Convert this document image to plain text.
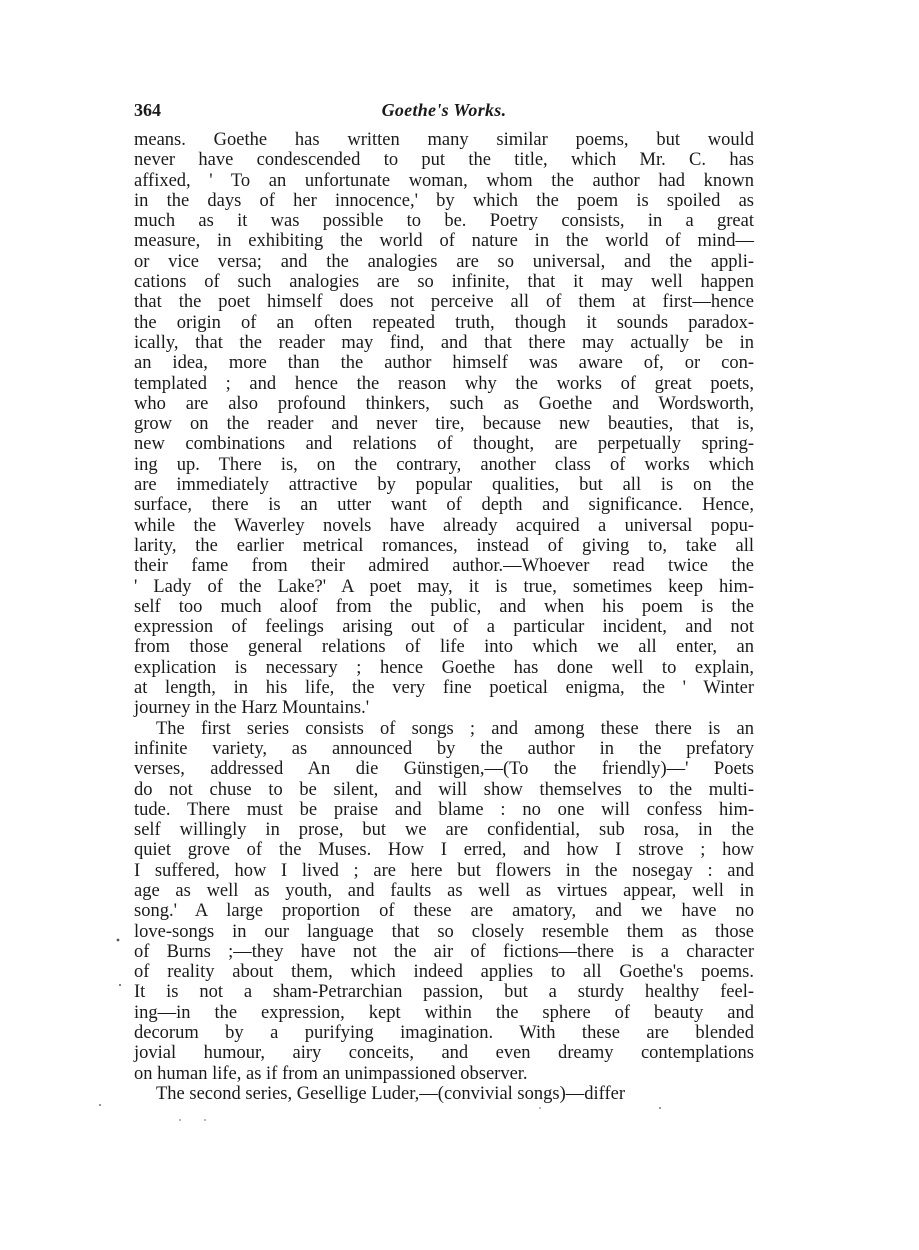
364	Goethe's Works.
means. Goethe has written many similar poems, but would
never have condescended to put the title, which Mr. C. has
affixed, ' To an unfortunate woman, whom the author had known
in the days of her innocence,' by which the poem is spoiled as
much as it was possible to be. Poetry consists, in a great
measure, in exhibiting the world of nature in the world of mind—
or vice versa; and the analogies are so universal, and the appli-
cations of such analogies are so infinite, that it may well happen
that the poet himself does not perceive all of them at first—hence
the origin of an often repeated truth, though it sounds paradox-
ically, that the reader may find, and that there may actually be in
an idea, more than the author himself was aware of, or con-
templated ; and hence the reason why the works of great poets,
who are also profound thinkers, such as Goethe and Wordsworth,
grow on the reader and never tire, because new beauties, that is,
new combinations and relations of thought, are perpetually spring-
ing up. There is, on the contrary, another class of works which
are immediately attractive by popular qualities, but all is on the
surface, there is an utter want of depth and significance. Hence,
while the Waverley novels have already acquired a universal popu-
larity, the earlier metrical romances, instead of giving to, take all
their fame from their admired author.—Whoever read twice the
' Lady of the Lake?' A poet may, it is true, sometimes keep him-
self too much aloof from the public, and when his poem is the
expression of feelings arising out of a particular incident, and not
from those general relations of life into which we all enter, an
explication is necessary ; hence Goethe has done well to explain,
at length, in his life, the very fine poetical enigma, the ' Winter
journey in the Harz Mountains.'
The first series consists of songs ; and among these there is an
infinite variety, as announced by the author in the prefatory
verses, addressed An die Günstigen,—(To the friendly)—' Poets
do not chuse to be silent, and will show themselves to the multi-
tude. There must be praise and blame : no one will confess him-
self willingly in prose, but we are confidential, sub rosa, in the
quiet grove of the Muses. How I erred, and how I strove ; how
I suffered, how I lived ; are here but flowers in the nosegay : and
age as well as youth, and faults as well as virtues appear, well in
song.' A large proportion of these are amatory, and we have no
love-songs in our language that so closely resemble them as those
of Burns ;—they have not the air of fictions—there is a character
of reality about them, which indeed applies to all Goethe's poems.
It is not a sham-Petrarchian passion, but a sturdy healthy feel-
ing—in the expression, kept within the sphere of beauty and
decorum by a purifying imagination. With these are blended
jovial humour, airy conceits, and even dreamy contemplations
on human life, as if from an unimpassioned observer.
The second series, Gesellige Luder,—(convivial songs)—differ
